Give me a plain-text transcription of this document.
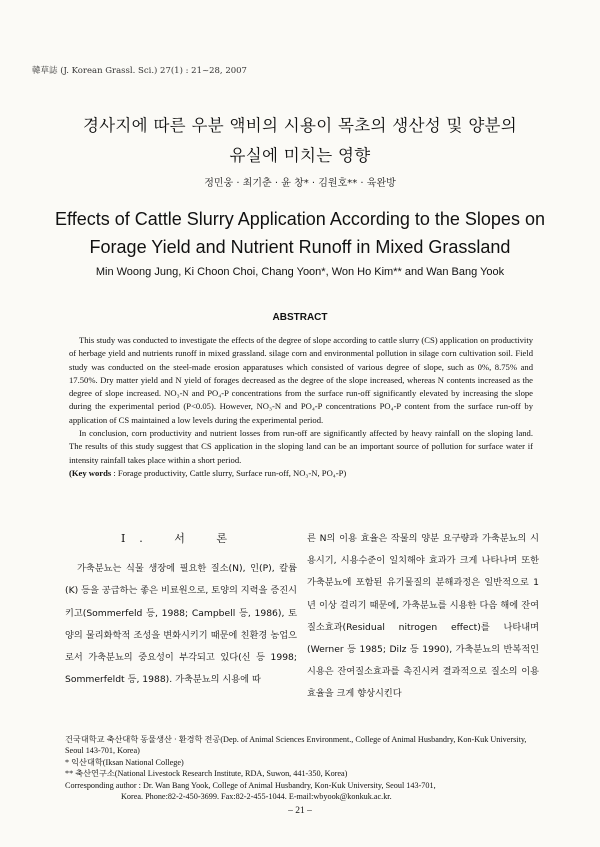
韓草誌 (J. Korean Grassl. Sci.) 27(1) : 21~28, 2007
경사지에 따른 우분 액비의 시용이 목초의 생산성 및 양분의
유실에 미치는 영향
정민웅 · 최기춘 · 윤 창* · 김원호** · 육완방
Effects of Cattle Slurry Application According to the Slopes on
Forage Yield and Nutrient Runoff in Mixed Grassland
Min Woong Jung, Ki Choon Choi, Chang Yoon*, Won Ho Kim** and Wan Bang Yook
ABSTRACT

This study was conducted to investigate the effects of the degree of slope according to cattle slurry (CS) application on productivity of herbage yield and nutrients runoff in mixed grassland. silage corn and environmental pollution in silage corn cultivation soil. Field study was conducted on the steel-made erosion apparatuses which consisted of various degree of slope, such as 0%, 8.75% and 17.50%. Dry matter yield and N yield of forages decreased as the degree of the slope increased, whereas N contents increased as the degree of slope increased. NO₃-N and PO₄-P concentrations from the surface run-off significantly elevated by increasing the slope during the experimental period (P<0.05). However, NO₃-N and PO₄-P concentrations PO₄-P content from the surface run-off by application of CS maintained a low levels during the experimental period.

In conclusion, corn productivity and nutrient losses from run-off are significantly affected by heavy rainfall on the sloping land. The results of this study suggest that CS application in the sloping land can be an important source of pollution for surface water if intensity rainfall takes place within a short period.

(Key words : Forage productivity, Cattle slurry, Surface run-off, NO₃-N, PO₄-P)

I. 서 론

가축분뇨는 식물 생장에 필요한 질소(N), 인(P), 칼륨(K) 등을 공급하는 좋은 비료원으로, 토양의 지력을 증진시키고(Sommerfeld 등, 1988; Campbell 등, 1986), 토양의 물리화학적 조성을 변화시키기 때문에 친환경 농업으로서 가축분뇨의 중요성이 부각되고 있다(신 등 1998; Sommerfeldt 등, 1988). 가축분뇨의 시용에 따

른 N의 이용 효율은 작물의 양분 요구량과 가축분뇨의 시용시기, 시용수준이 일치해야 효과가 크게 나타나며 또한 가축분뇨에 포함된 유기물질의 분해과정은 일반적으로 1년 이상 걸리기 때문에, 가축분뇨를 시용한 다음 해에 잔여질소효과(Residual nitrogen effect)를 나타내며(Werner 등 1985; Dilz 등 1990), 가축분뇨의 반복적인 시용은 잔여질소효과를 촉진시켜 결과적으로 질소의 이용 효율을 크게 향상시킨다

건국대학교 축산대학 동물생산 · 환경학 전공(Dep. of Animal Sciences Environment., College of Animal Husbandry, Kon-Kuk University, Seoul 143-701, Korea)
* 익산대학(Iksan National College)
** 축산연구소(National Livestock Research Institute, RDA, Suwon, 441-350, Korea)
Corresponding author : Dr. Wan Bang Yook, College of Animal Husbandry, Kon-Kuk University, Seoul 143-701,
Korea. Phone:82-2-450-3699. Fax:82-2-455-1044. E-mail:wbyook@konkuk.ac.kr.
– 21 –
